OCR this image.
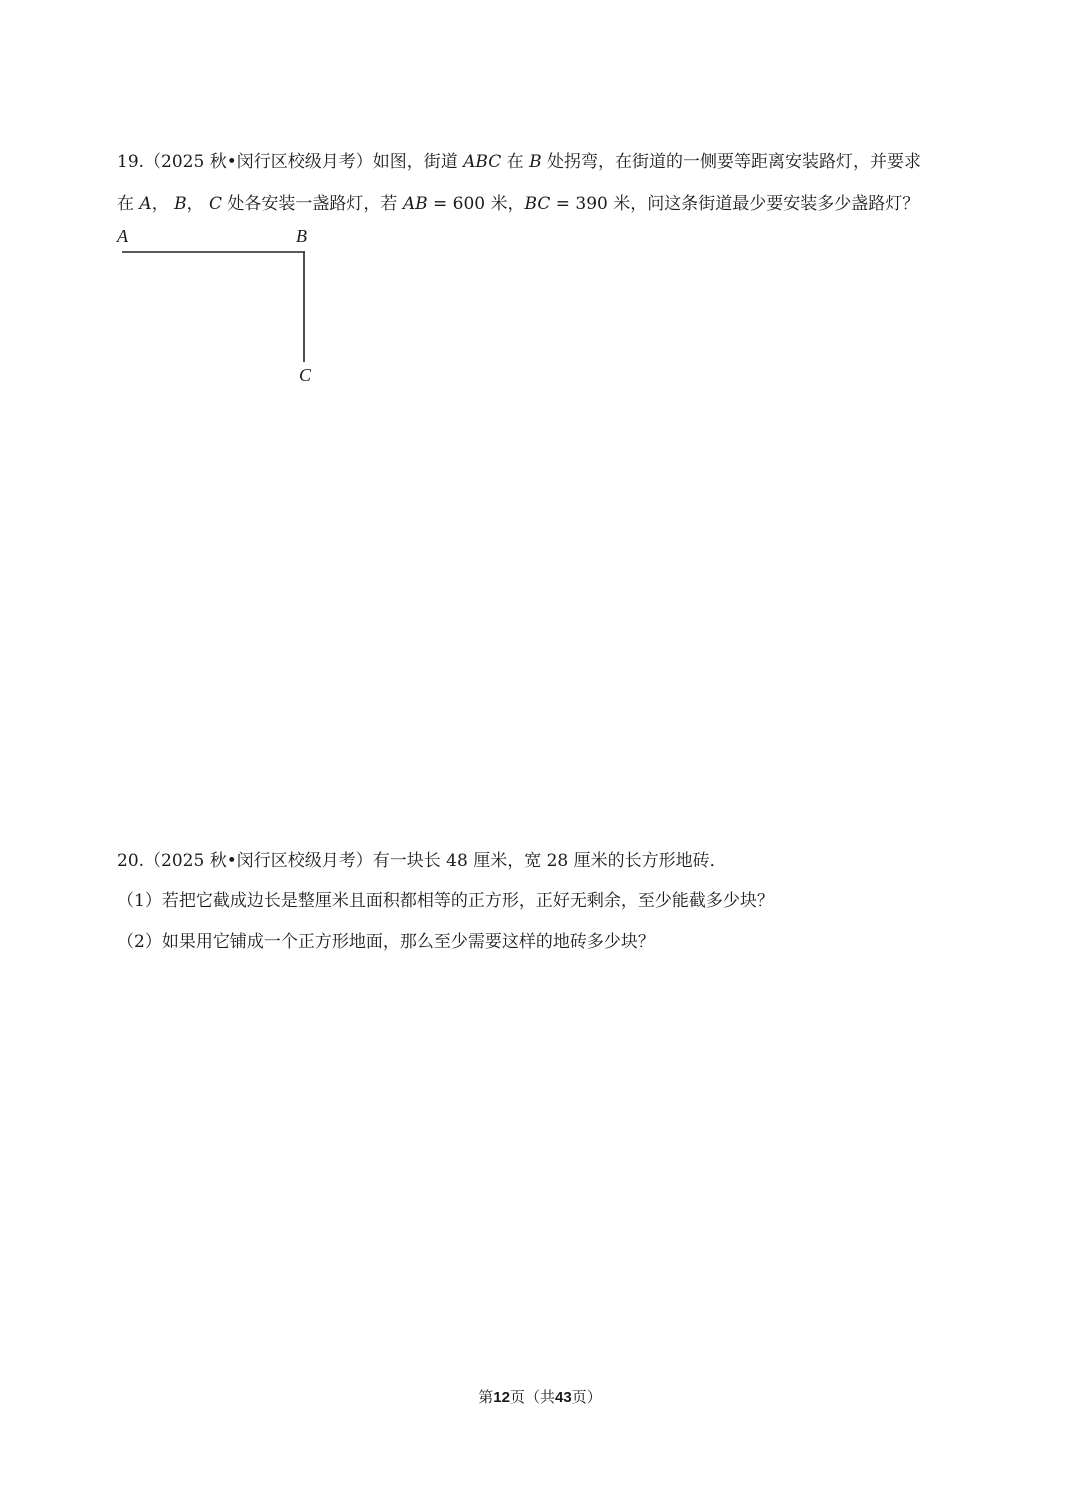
19.（2025 秋•闵行区校级月考）如图，街道 ABC 在 B 处拐弯，在街道的一侧要等距离安装路灯，并要求
在 A， B， C 处各安装一盏路灯，若 AB = 600 米，BC = 390 米，问这条街道最少要安装多少盏路灯？
A	B
C
20.（2025 秋•闵行区校级月考）有一块长 48 厘米，宽 28 厘米的长方形地砖．
（1）若把它截成边长是整厘米且面积都相等的正方形，正好无剩余，至少能截多少块？
（2）如果用它铺成一个正方形地面，那么至少需要这样的地砖多少块？
第12页（共43页）
